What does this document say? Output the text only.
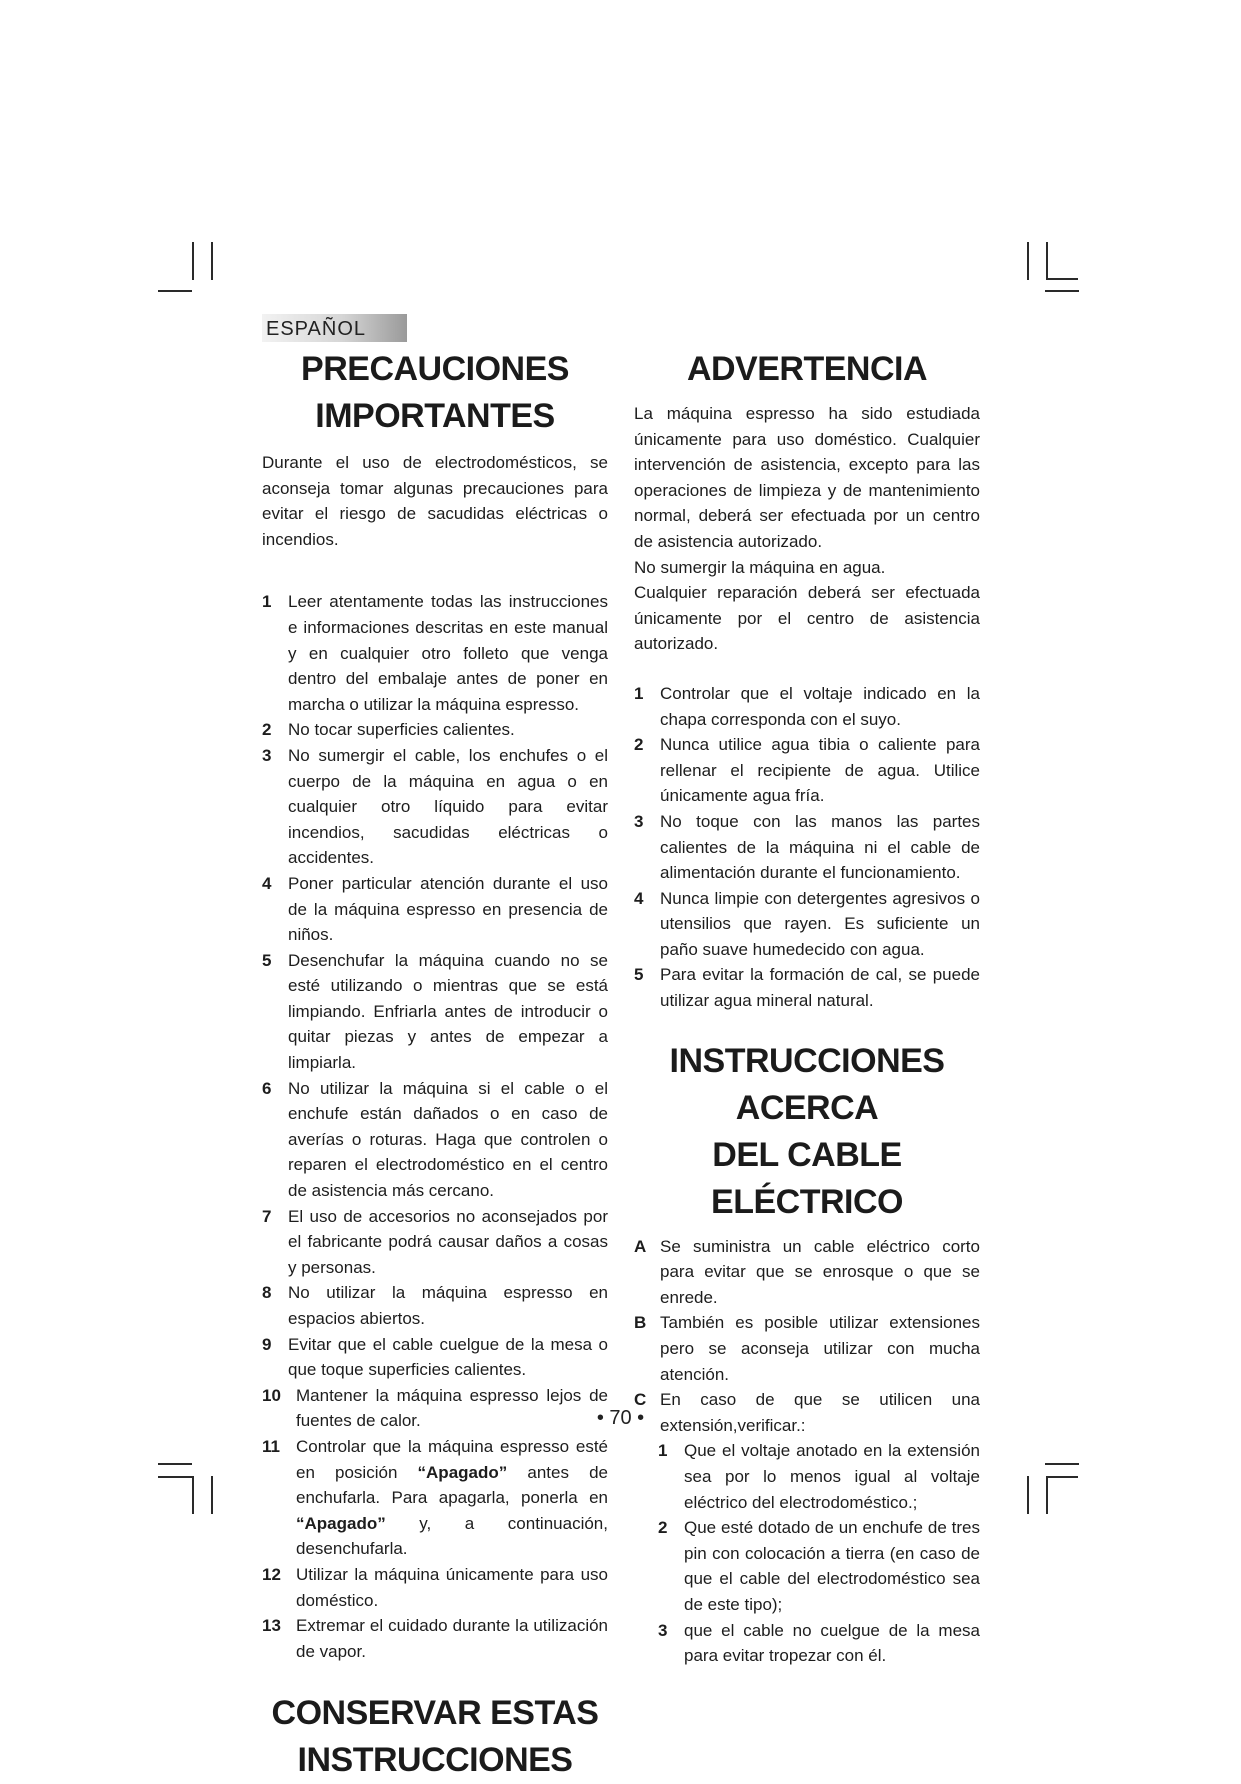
ESPAÑOL
PRECAUCIONES
IMPORTANTES

Durante el uso de electrodomésticos, se aconseja tomar algunas precauciones para evitar el riesgo de sacudidas eléctricas o incendios.

1 Leer atentamente todas las instrucciones e informaciones descritas en este manual y en cualquier otro folleto que venga dentro del embalaje antes de poner en marcha o utilizar la máquina espresso.
2 No tocar superficies calientes.
3 No sumergir el cable, los enchufes o el cuerpo de la máquina en agua o en cualquier otro líquido para evitar incendios, sacudidas eléctricas o accidentes.
4 Poner particular atención durante el uso de la máquina espresso en presencia de niños.
5 Desenchufar la máquina cuando no se esté utilizando o mientras que se está limpiando. Enfriarla antes de introducir o quitar piezas y antes de empezar a limpiarla.
6 No utilizar la máquina si el cable o el enchufe están dañados o en caso de averías o roturas. Haga que controlen o reparen el electrodoméstico en el centro de asistencia más cercano.
7 El uso de accesorios no aconsejados por el fabricante podrá causar daños a cosas y personas.
8 No utilizar la máquina espresso en espacios abiertos.
9 Evitar que el cable cuelgue de la mesa o que toque superficies calientes.
10 Mantener la máquina espresso lejos de fuentes de calor.
11 Controlar que la máquina espresso esté en posición “Apagado” antes de enchufarla. Para apagarla, ponerla en “Apagado” y, a continuación, desenchufarla.
12 Utilizar la máquina únicamente para uso doméstico.
13 Extremar el cuidado durante la utilización de vapor.
CONSERVAR ESTAS
INSTRUCCIONES
ADVERTENCIA

La máquina espresso ha sido estudiada únicamente para uso doméstico. Cualquier intervención de asistencia, excepto para las operaciones de limpieza y de mantenimiento normal, deberá ser efectuada por un centro de asistencia autorizado.

No sumergir la máquina en agua.

Cualquier reparación deberá ser efectuada únicamente por el centro de asistencia autorizado.

1 Controlar que el voltaje indicado en la chapa corresponda con el suyo.
2 Nunca utilice agua tibia o caliente para rellenar el recipiente de agua. Utilice únicamente agua fría.
3 No toque con las manos las partes calientes de la máquina ni el cable de alimentación durante el funcionamiento.
4 Nunca limpie con detergentes agresivos o utensilios que rayen. Es suficiente un paño suave humedecido con agua.
5 Para evitar la formación de cal, se puede utilizar agua mineral natural.
INSTRUCCIONES ACERCA
DEL CABLE ELÉCTRICO
A Se suministra un cable eléctrico corto para evitar que se enrosque o que se enrede.
B También es posible utilizar extensiones pero se aconseja utilizar con mucha atención.
C En caso de que se utilicen una extensión,verificar.:
1 Que el voltaje anotado en la extensión sea por lo menos igual al voltaje eléctrico del electrodoméstico.;
2 Que esté dotado de un enchufe de tres pin con colocación a tierra (en caso de que el cable del electrodoméstico sea de este tipo);
3 que el cable no cuelgue de la mesa para evitar tropezar con él.
• 70 •
